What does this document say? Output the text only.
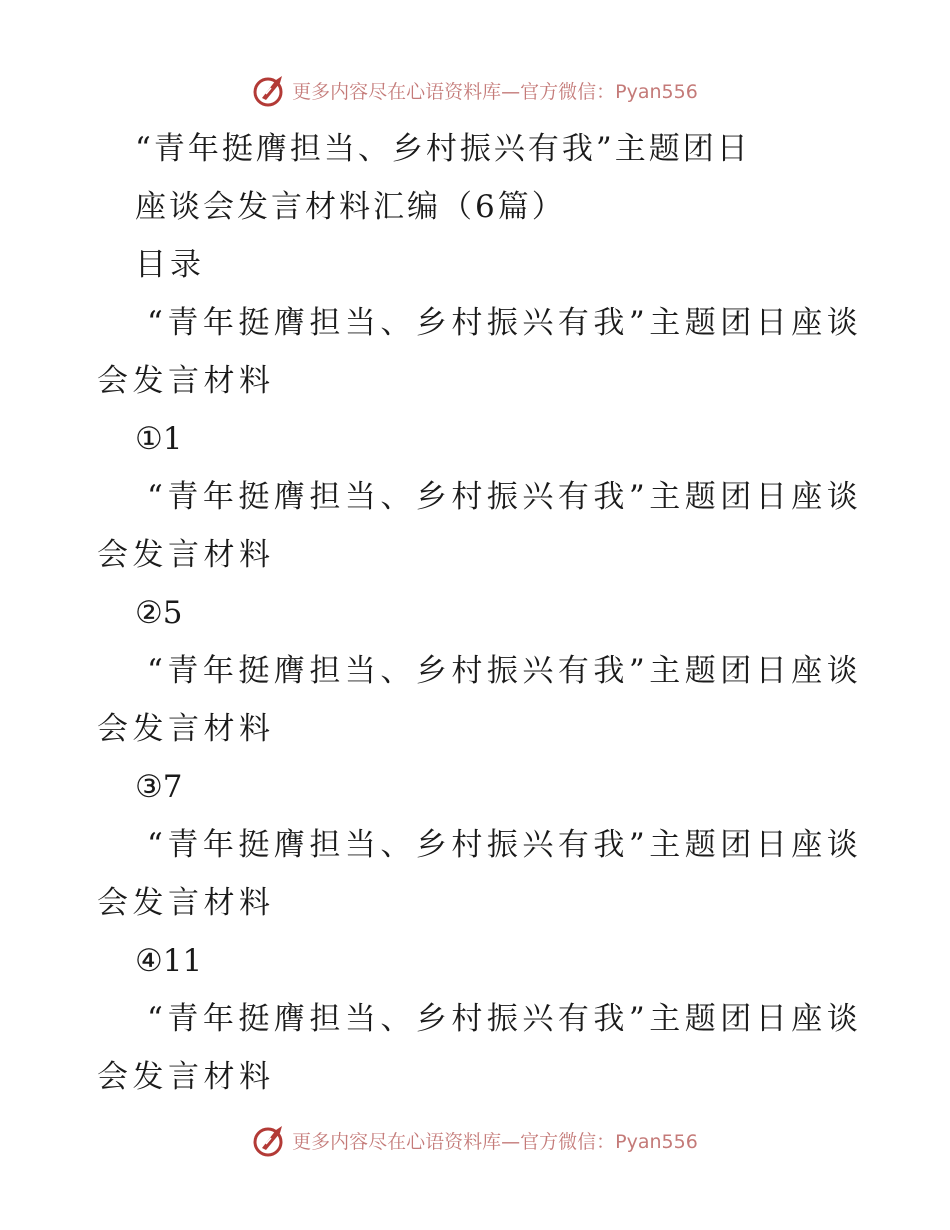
更多内容尽在心语资料库—官方微信：Pyan556
“青年挺膺担当、乡村振兴有我”主题团日
座谈会发言材料汇编（6篇）
目录
“青年挺膺担当、乡村振兴有我”主题团日座谈
会发言材料
①1
“青年挺膺担当、乡村振兴有我”主题团日座谈
会发言材料
②5
“青年挺膺担当、乡村振兴有我”主题团日座谈
会发言材料
③7
“青年挺膺担当、乡村振兴有我”主题团日座谈
会发言材料
④11
“青年挺膺担当、乡村振兴有我”主题团日座谈
会发言材料
更多内容尽在心语资料库—官方微信：Pyan556
